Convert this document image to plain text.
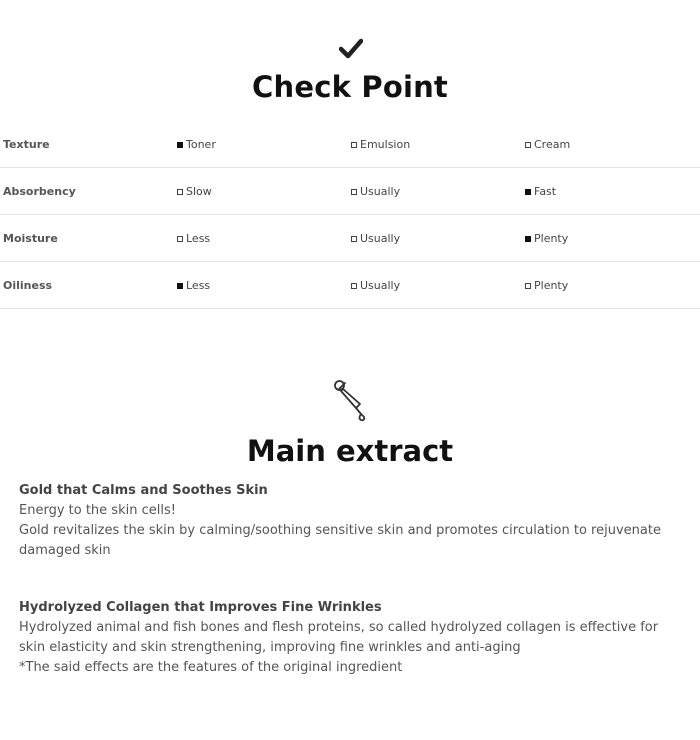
Check Point
Texture	Toner	Emulsion	Cream
Absorbency	Slow	Usually	Fast
Moisture	Less	Usually	Plenty
Oiliness	Less	Usually	Plenty
Main extract
Gold that Calms and Soothes Skin
Energy to the skin cells!
Gold revitalizes the skin by calming/soothing sensitive skin and promotes circulation to rejuvenate damaged skin
Hydrolyzed Collagen that Improves Fine Wrinkles
Hydrolyzed animal and fish bones and flesh proteins, so called hydrolyzed collagen is effective for skin elasticity and skin strengthening, improving fine wrinkles and anti-aging
*The said effects are the features of the original ingredient
